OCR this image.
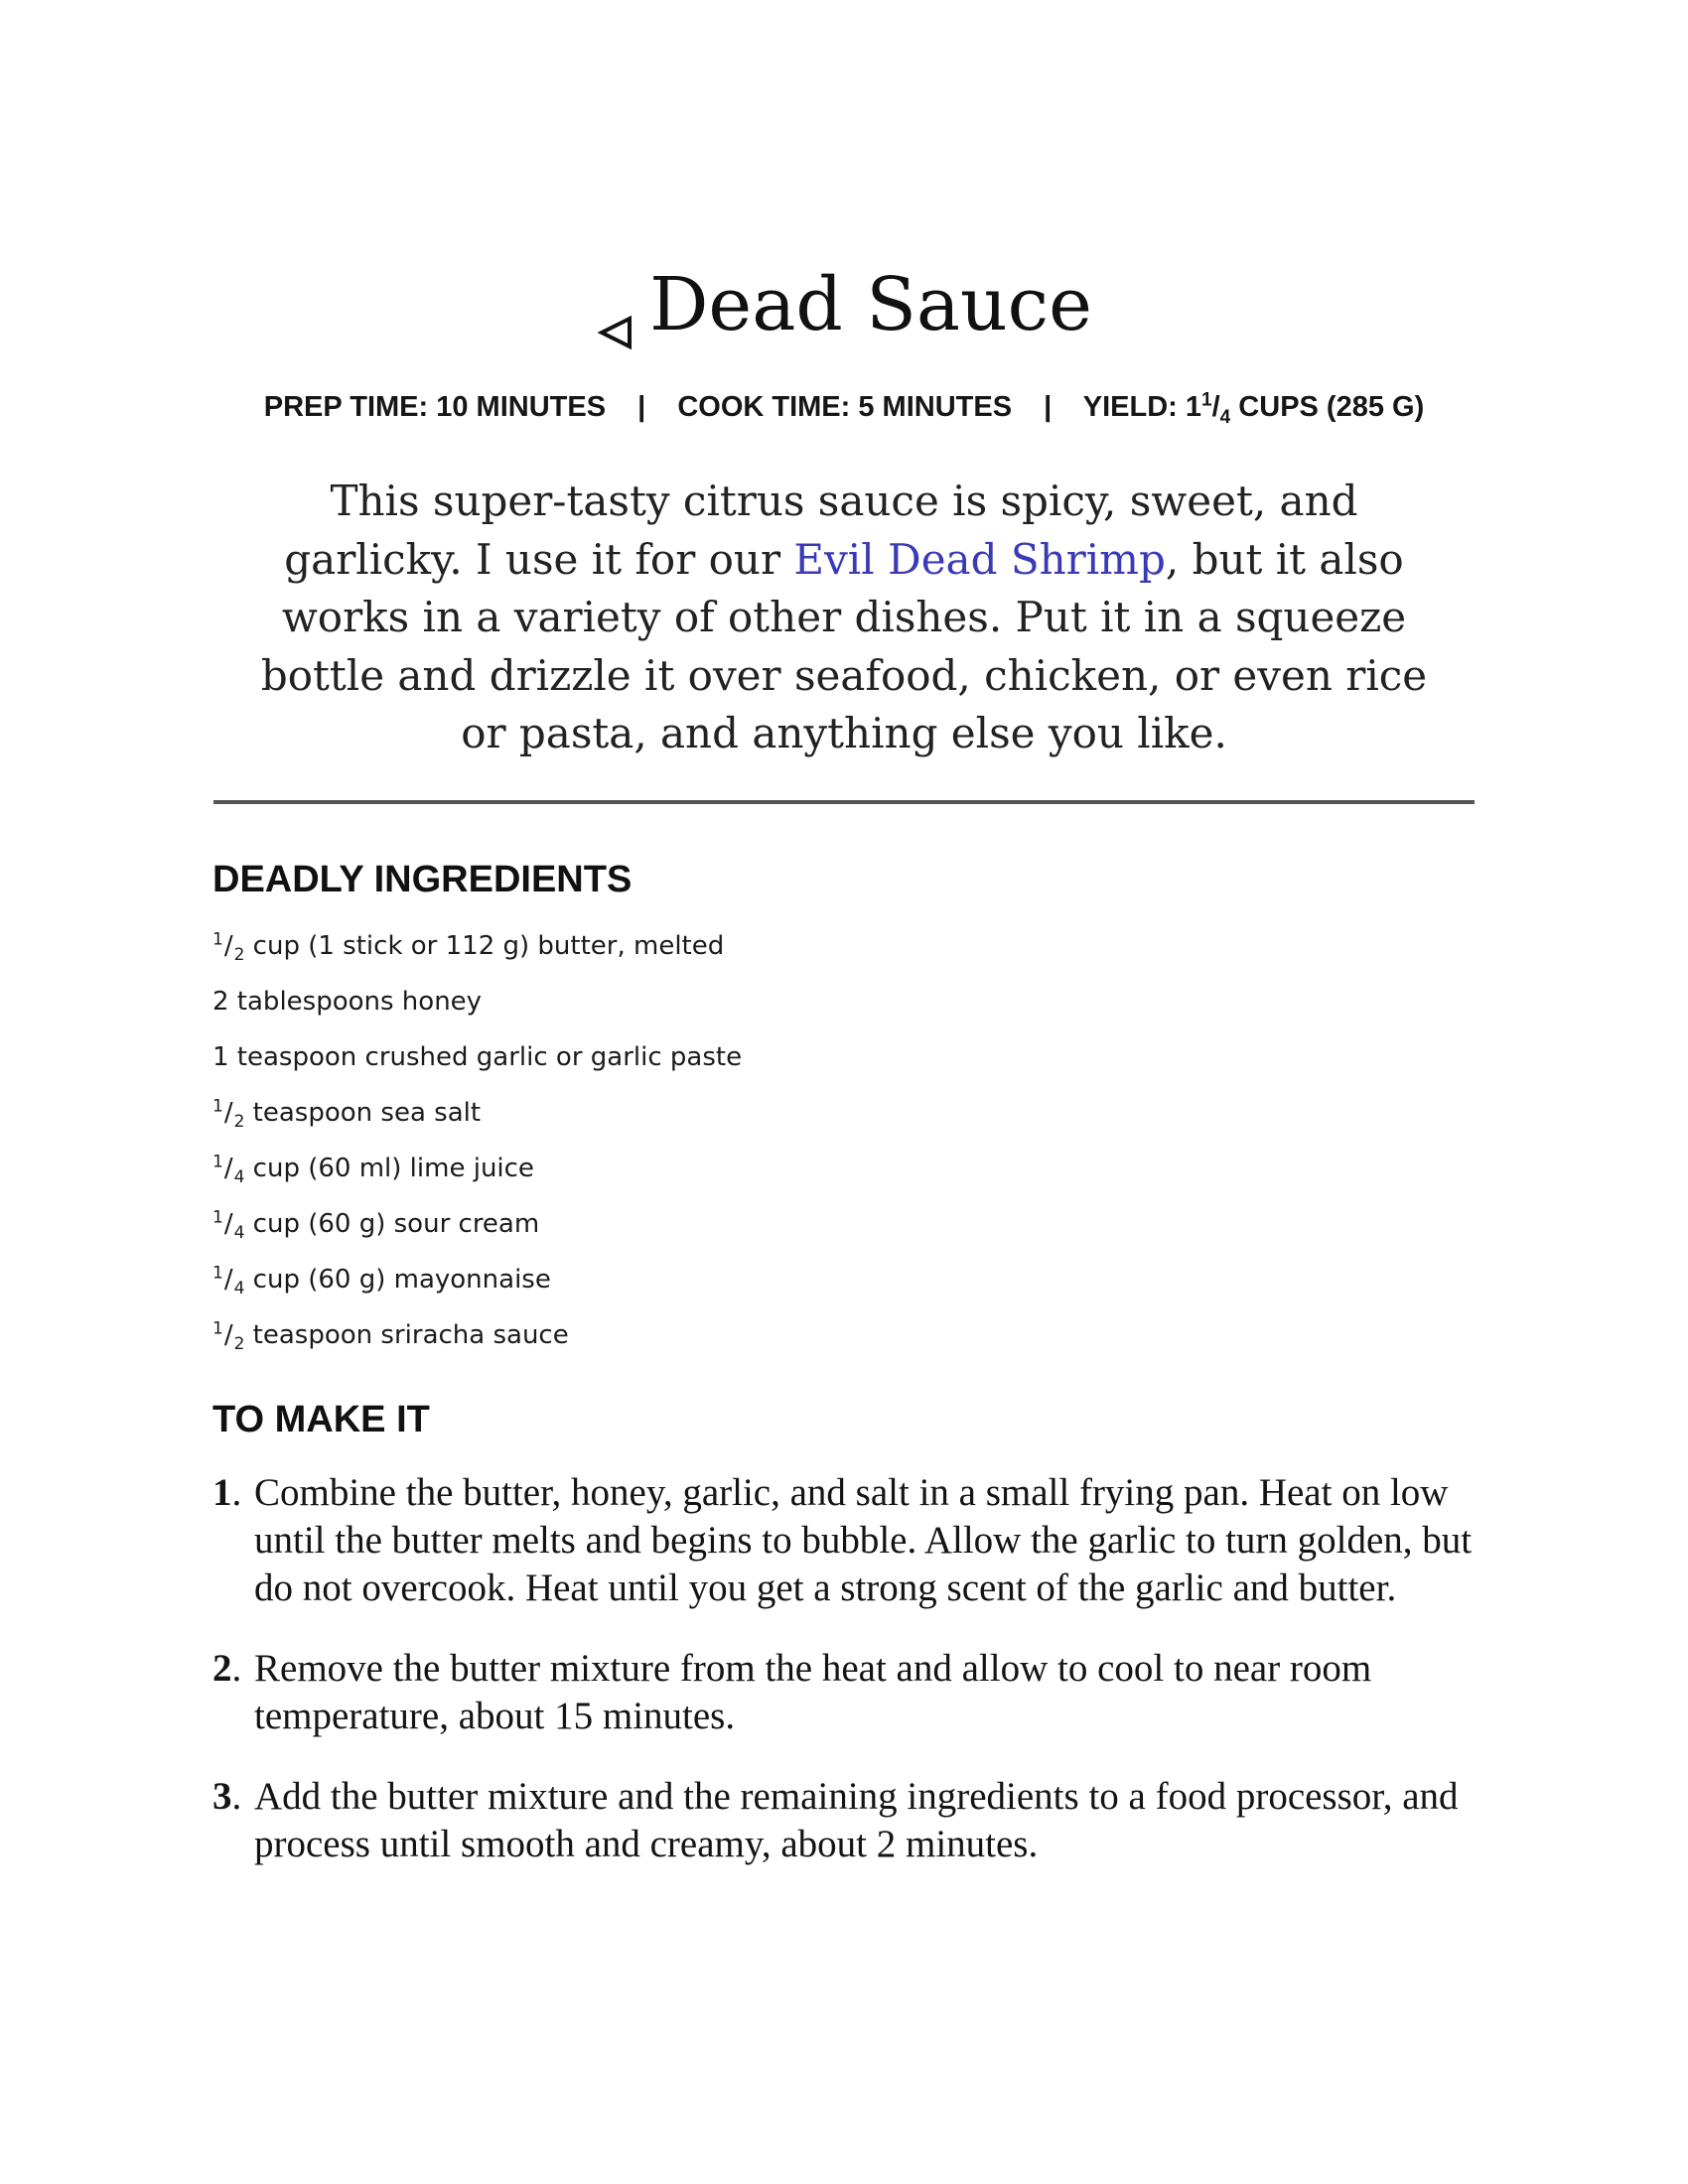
Dead Sauce
PREP TIME: 10 MINUTES | COOK TIME: 5 MINUTES | YIELD: $1^1/_4$ CUPS (285 G)

This super-tasty citrus sauce is spicy, sweet, and garlicky. I use it for our Evil Dead Shrimp, but it also works in a variety of other dishes. Put it in a squeeze bottle and drizzle it over seafood, chicken, or even rice or pasta, and anything else you like.

DEADLY INGREDIENTS
$^1/_2$ cup (1 stick or 112 g) butter, melted
2 tablespoons honey
1 teaspoon crushed garlic or garlic paste
$^1/_2$ teaspoon sea salt
$^1/_4$ cup (60 ml) lime juice
$^1/_4$ cup (60 g) sour cream
$^1/_4$ cup (60 g) mayonnaise
$^1/_2$ teaspoon sriracha sauce
TO MAKE IT
1. Combine the butter, honey, garlic, and salt in a small frying pan. Heat on low until the butter melts and begins to bubble. Allow the garlic to turn golden, but do not overcook. Heat until you get a strong scent of the garlic and butter.
2. Remove the butter mixture from the heat and allow to cool to near room temperature, about 15 minutes.
3. Add the butter mixture and the remaining ingredients to a food processor, and process until smooth and creamy, about 2 minutes.
